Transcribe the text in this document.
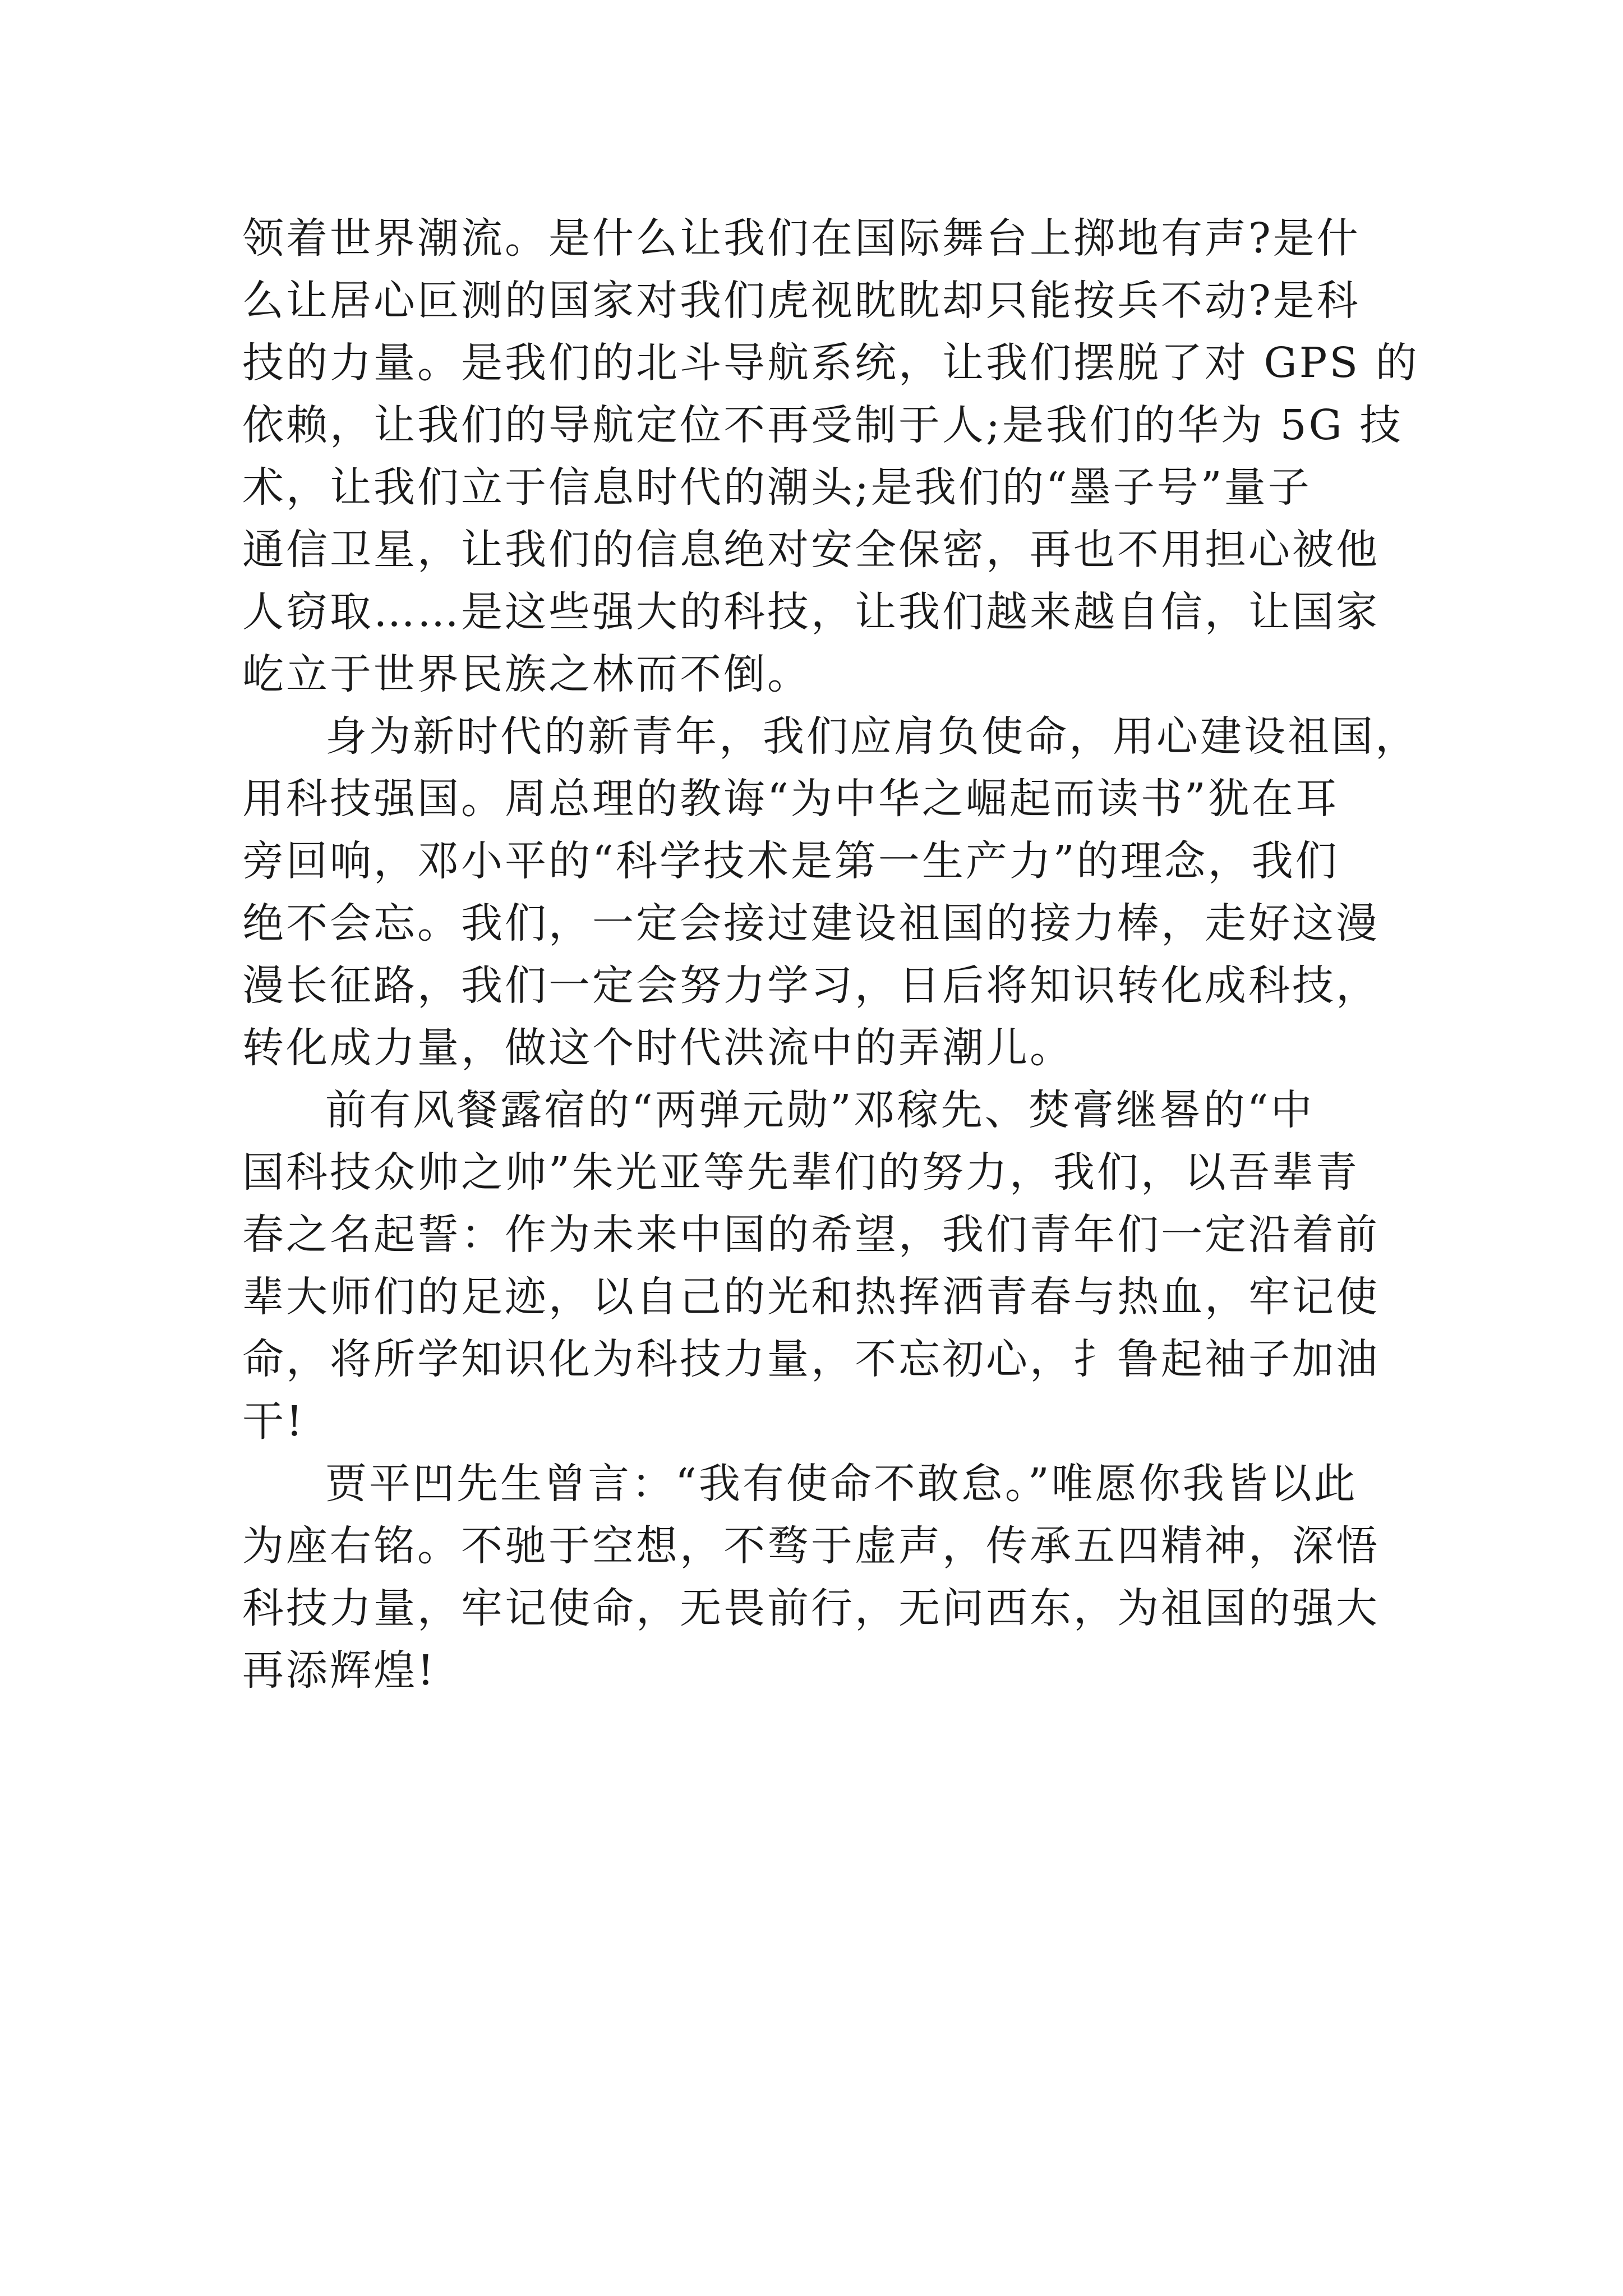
领着世界潮流。是什么让我们在国际舞台上掷地有声?是什
么让居心叵测的国家对我们虎视眈眈却只能按兵不动?是科
技的力量。是我们的北斗导航系统，让我们摆脱了对 GPS 的
依赖，让我们的导航定位不再受制于人;是我们的华为 5G 技
术，让我们立于信息时代的潮头;是我们的“墨子号”量子
通信卫星，让我们的信息绝对安全保密，再也不用担心被他
人窃取……是这些强大的科技，让我们越来越自信，让国家
屹立于世界民族之林而不倒。

身为新时代的新青年，我们应肩负使命，用心建设祖国，
用科技强国。周总理的教诲“为中华之崛起而读书”犹在耳
旁回响，邓小平的“科学技术是第一生产力”的理念，我们
绝不会忘。我们，一定会接过建设祖国的接力棒，走好这漫
漫长征路，我们一定会努力学习，日后将知识转化成科技，
转化成力量，做这个时代洪流中的弄潮儿。

前有风餐露宿的“两弹元勋”邓稼先、焚膏继晷的“中
国科技众帅之帅”朱光亚等先辈们的努力，我们，以吾辈青
春之名起誓：作为未来中国的希望，我们青年们一定沿着前
辈大师们的足迹，以自己的光和热挥洒青春与热血，牢记使
命，将所学知识化为科技力量，不忘初心，扌鲁起袖子加油
干!

贾平凹先生曾言：“我有使命不敢怠。”唯愿你我皆以此
为座右铭。不驰于空想，不骛于虚声，传承五四精神，深悟
科技力量，牢记使命，无畏前行，无问西东，为祖国的强大
再添辉煌!
